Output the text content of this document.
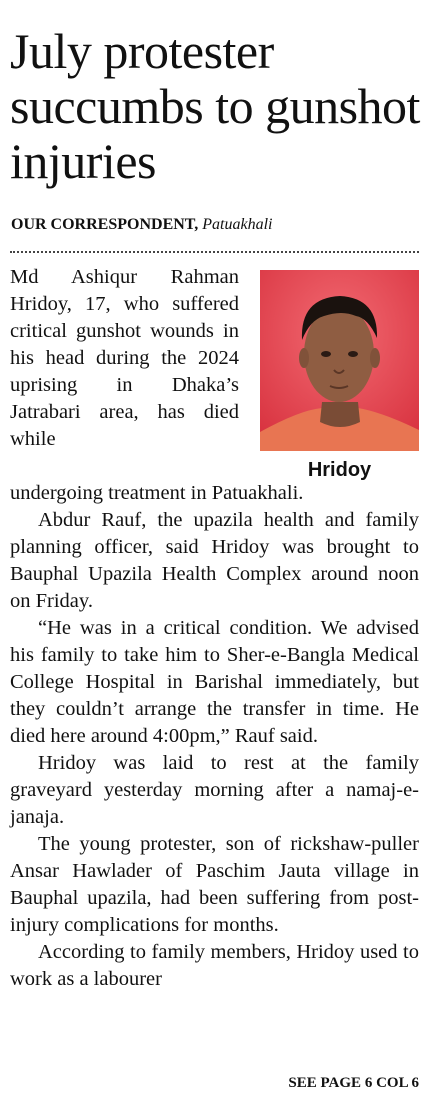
July protester succumbs to gunshot injuries
OUR CORRESPONDENT, Patuakhali
Hridoy

Md Ashiqur Rahman Hridoy, 17, who suffered critical gunshot wounds in his head during the 2024 uprising in Dhaka’s Jatrabari area, has died while

undergoing treatment in Patuakhali.

Abdur Rauf, the upazila health and family planning officer, said Hridoy was brought to Bauphal Upazila Health Complex around noon on Friday.

“He was in a critical condition. We advised his family to take him to Sher-e-Bangla Medical College Hospital in Barishal immediately, but they couldn’t arrange the transfer in time. He died here around 4:00pm,” Rauf said.

Hridoy was laid to rest at the family graveyard yesterday morning after a namaj-e-janaja.

The young protester, son of rickshaw-puller Ansar Hawlader of Paschim Jauta village in Bauphal upazila, had been suffering from post-injury complications for months.

According to family members, Hridoy used to work as a labourer

SEE PAGE 6 COL 6
